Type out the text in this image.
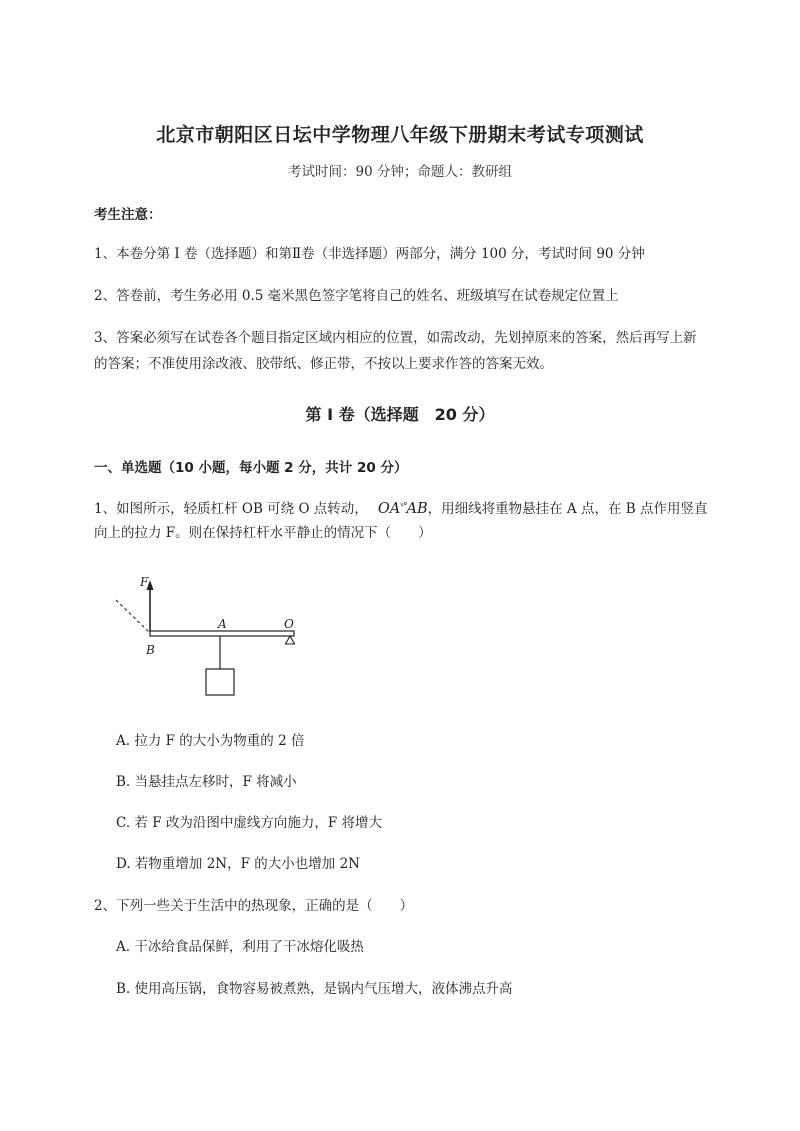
北京市朝阳区日坛中学物理八年级下册期末考试专项测试
考试时间：90 分钟；命题人：教研组
考生注意：
1、本卷分第 I 卷（选择题）和第Ⅱ卷（非选择题）两部分，满分 100 分，考试时间 90 分钟
2、答卷前，考生务必用 0.5 毫米黑色签字笔将自己的姓名、班级填写在试卷规定位置上
3、答案必须写在试卷各个题目指定区域内相应的位置，如需改动，先划掉原来的答案，然后再写上新
的答案；不准使用涂改液、胶带纸、修正带，不按以上要求作答的答案无效。
第 I 卷（选择题　20 分）
一、单选题（10 小题，每小题 2 分，共计 20 分）
1、如图所示，轻质杠杆 OB 可绕 O 点转动， $OA^{ˣ^\circ}AB$，用细线将重物悬挂在 A 点，在 B 点作用竖直
向上的拉力 F。则在保持杠杆水平静止的情况下（　　）
F
O
A
B
A. 拉力 F 的大小为物重的 2 倍
B. 当悬挂点左移时，F 将减小
C. 若 F 改为沿图中虚线方向施力，F 将增大
D. 若物重增加 2N，F 的大小也增加 2N
2、下列一些关于生活中的热现象，正确的是（　　）
A. 干冰给食品保鲜，利用了干冰熔化吸热
B. 使用高压锅，食物容易被煮熟，是锅内气压增大，液体沸点升高
